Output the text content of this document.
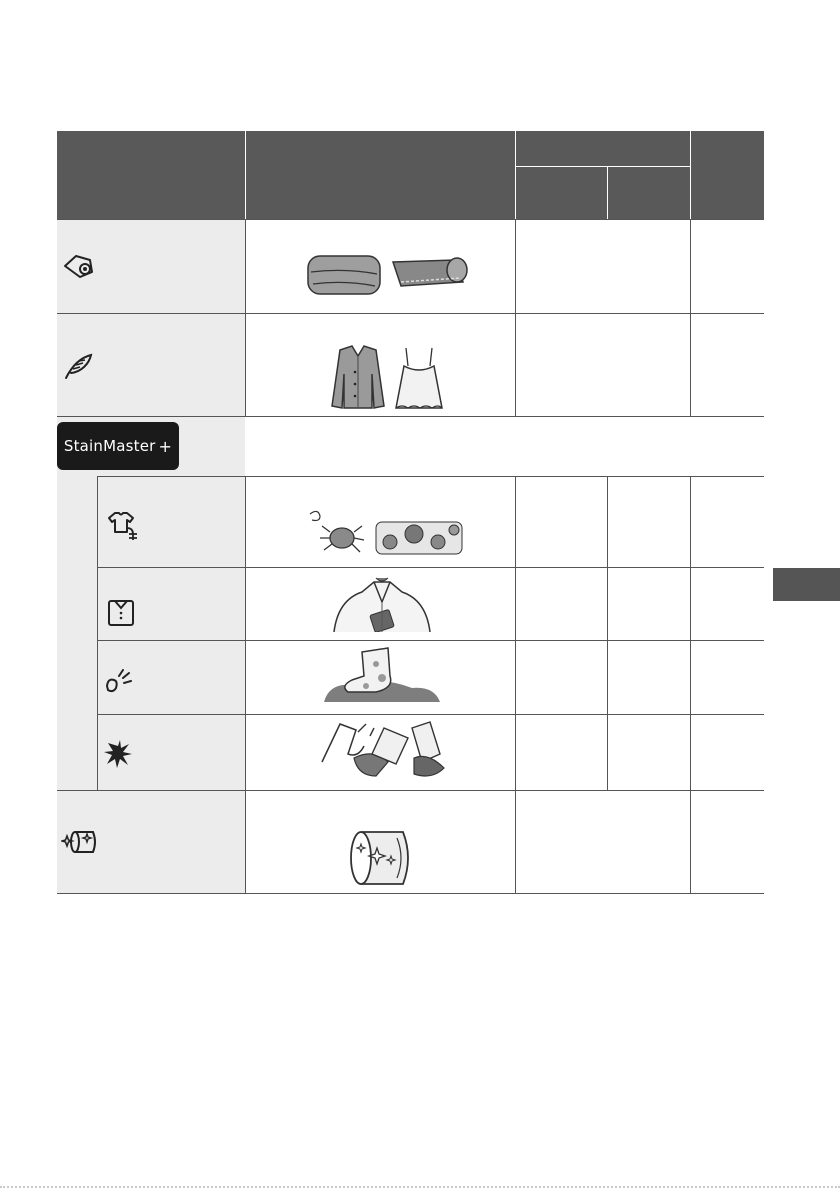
StainMaster +
